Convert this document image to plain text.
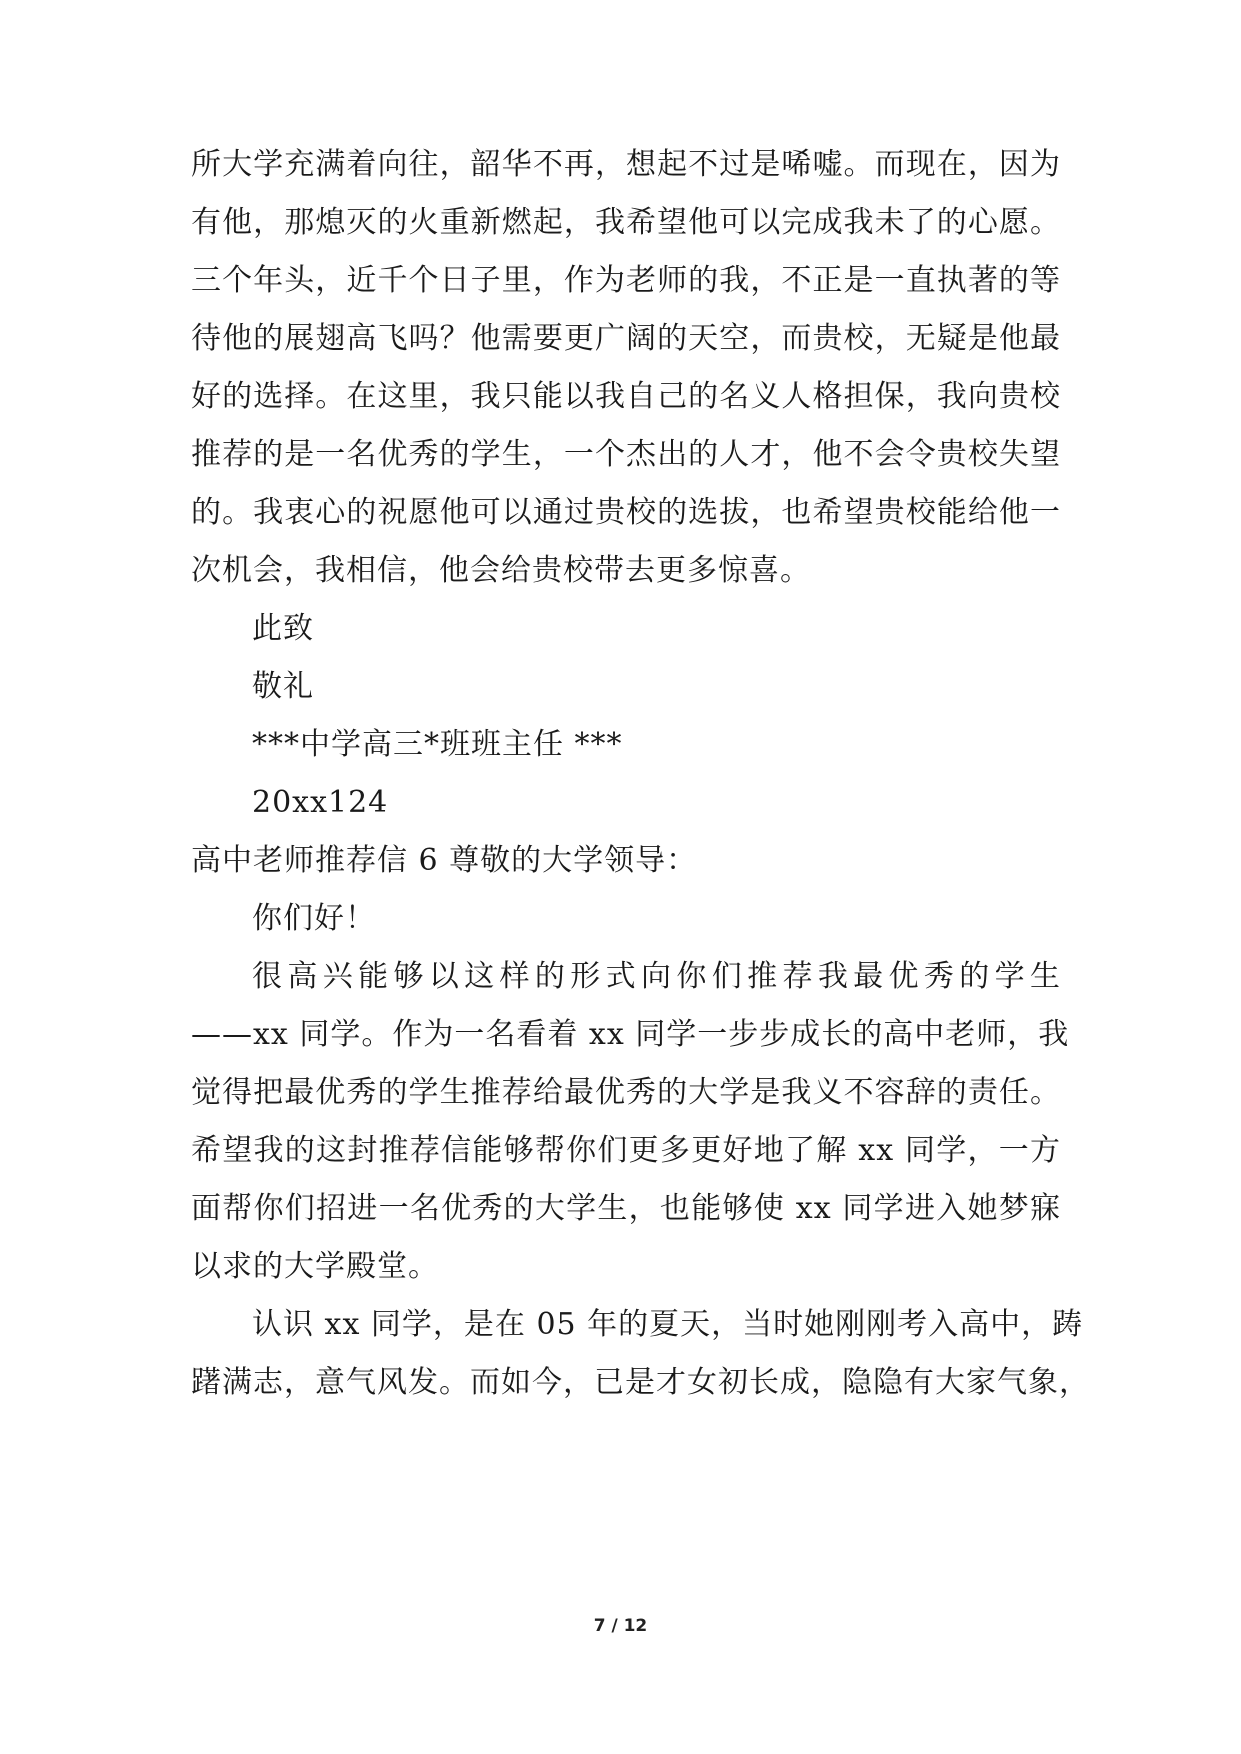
所大学充满着向往，韶华不再，想起不过是唏嘘。而现在，因为
有他，那熄灭的火重新燃起，我希望他可以完成我未了的心愿。
三个年头，近千个日子里，作为老师的我，不正是一直执著的等
待他的展翅高飞吗？他需要更广阔的天空，而贵校，无疑是他最
好的选择。在这里，我只能以我自己的名义人格担保，我向贵校
推荐的是一名优秀的学生，一个杰出的人才，他不会令贵校失望
的。我衷心的祝愿他可以通过贵校的选拔，也希望贵校能给他一
次机会，我相信，他会给贵校带去更多惊喜。
此致
敬礼
***中学高三*班班主任 ***
20xx124
高中老师推荐信 6 尊敬的大学领导：
你们好！
很高兴能够以这样的形式向你们推荐我最优秀的学生
——xx 同学。作为一名看着 xx 同学一步步成长的高中老师，我
觉得把最优秀的学生推荐给最优秀的大学是我义不容辞的责任。
希望我的这封推荐信能够帮你们更多更好地了解 xx 同学，一方
面帮你们招进一名优秀的大学生，也能够使 xx 同学进入她梦寐
以求的大学殿堂。
认识 xx 同学，是在 05 年的夏天，当时她刚刚考入高中，踌
躇满志，意气风发。而如今，已是才女初长成，隐隐有大家气象，
7 / 12
